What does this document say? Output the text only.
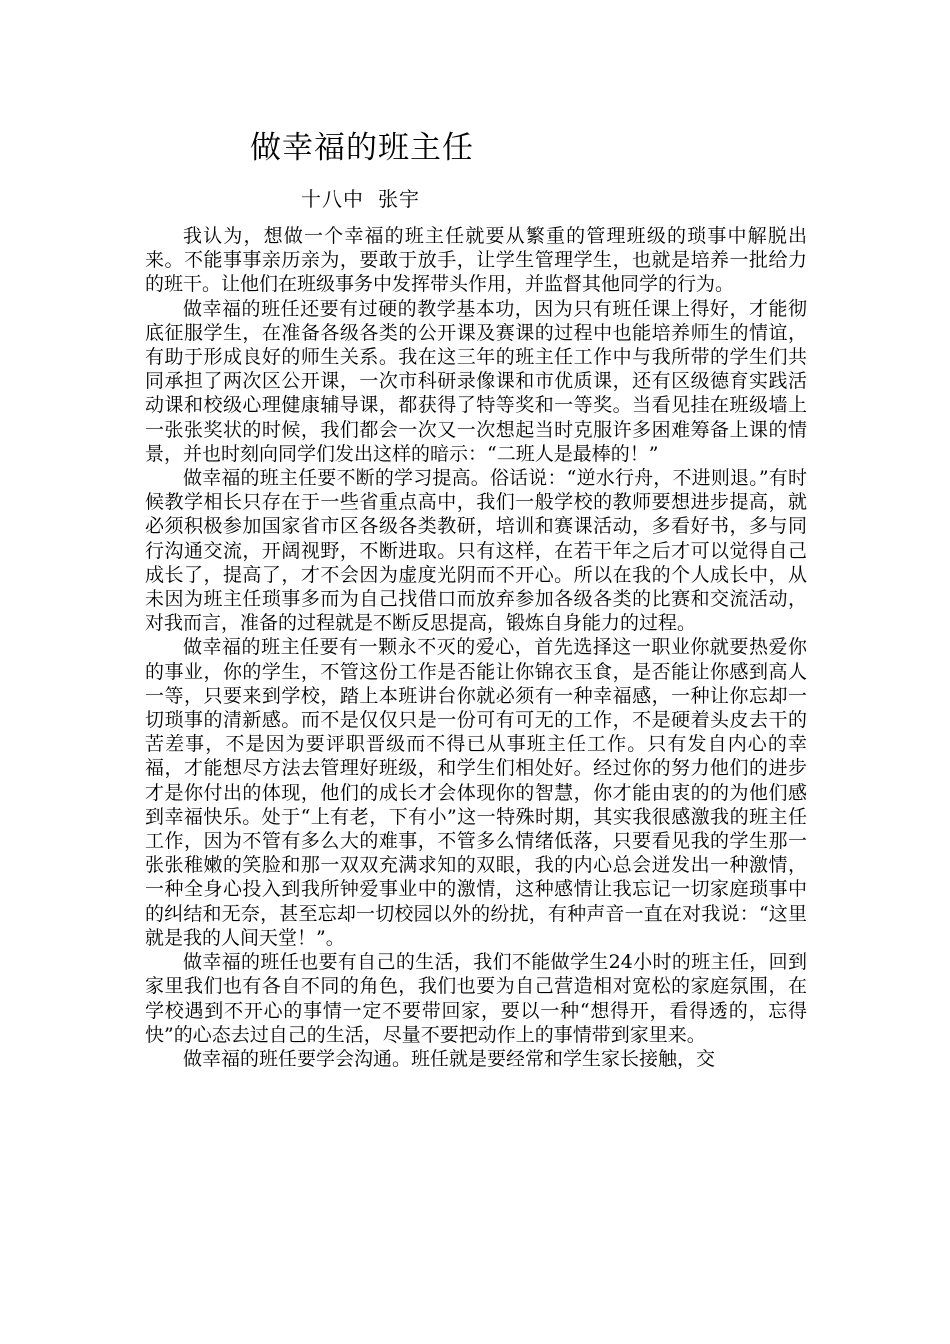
做幸福的班主任
十八中 张宇

我认为，想做一个幸福的班主任就要从繁重的管理班级的琐事中解脱出来。不能事事亲历亲为，要敢于放手，让学生管理学生，也就是培养一批给力的班干。让他们在班级事务中发挥带头作用，并监督其他同学的行为。

做幸福的班任还要有过硬的教学基本功，因为只有班任课上得好，才能彻底征服学生，在准备各级各类的公开课及赛课的过程中也能培养师生的情谊，有助于形成良好的师生关系。我在这三年的班主任工作中与我所带的学生们共同承担了两次区公开课，一次市科研录像课和市优质课，还有区级德育实践活动课和校级心理健康辅导课，都获得了特等奖和一等奖。当看见挂在班级墙上一张张奖状的时候，我们都会一次又一次想起当时克服许多困难筹备上课的情景，并也时刻向同学们发出这样的暗示：“二班人是最棒的！”

做幸福的班主任要不断的学习提高。俗话说：“逆水行舟，不进则退。”有时候教学相长只存在于一些省重点高中，我们一般学校的教师要想进步提高，就必须积极参加国家省市区各级各类教研，培训和赛课活动，多看好书，多与同行沟通交流，开阔视野，不断进取。只有这样，在若干年之后才可以觉得自己成长了，提高了，才不会因为虚度光阴而不开心。所以在我的个人成长中，从未因为班主任琐事多而为自己找借口而放弃参加各级各类的比赛和交流活动，对我而言，准备的过程就是不断反思提高，锻炼自身能力的过程。

做幸福的班主任要有一颗永不灭的爱心，首先选择这一职业你就要热爱你的事业，你的学生，不管这份工作是否能让你锦衣玉食，是否能让你感到高人一等，只要来到学校，踏上本班讲台你就必须有一种幸福感，一种让你忘却一切琐事的清新感。而不是仅仅只是一份可有可无的工作，不是硬着头皮去干的苦差事，不是因为要评职晋级而不得已从事班主任工作。只有发自内心的幸福，才能想尽方法去管理好班级，和学生们相处好。经过你的努力他们的进步才是你付出的体现，他们的成长才会体现你的智慧，你才能由衷的的为他们感到幸福快乐。处于“上有老，下有小”这一特殊时期，其实我很感激我的班主任工作，因为不管有多么大的难事，不管多么情绪低落，只要看见我的学生那一张张稚嫩的笑脸和那一双双充满求知的双眼，我的内心总会迸发出一种激情，一种全身心投入到我所钟爱事业中的激情，这种感情让我忘记一切家庭琐事中的纠结和无奈，甚至忘却一切校园以外的纷扰，有种声音一直在对我说：“这里就是我的人间天堂！”。

做幸福的班任也要有自己的生活，我们不能做学生24小时的班主任，回到家里我们也有各自不同的角色，我们也要为自己营造相对宽松的家庭氛围，在学校遇到不开心的事情一定不要带回家，要以一种“想得开，看得透的，忘得快”的心态去过自己的生活，尽量不要把动作上的事情带到家里来。

做幸福的班任要学会沟通。班任就是要经常和学生家长接触，交
